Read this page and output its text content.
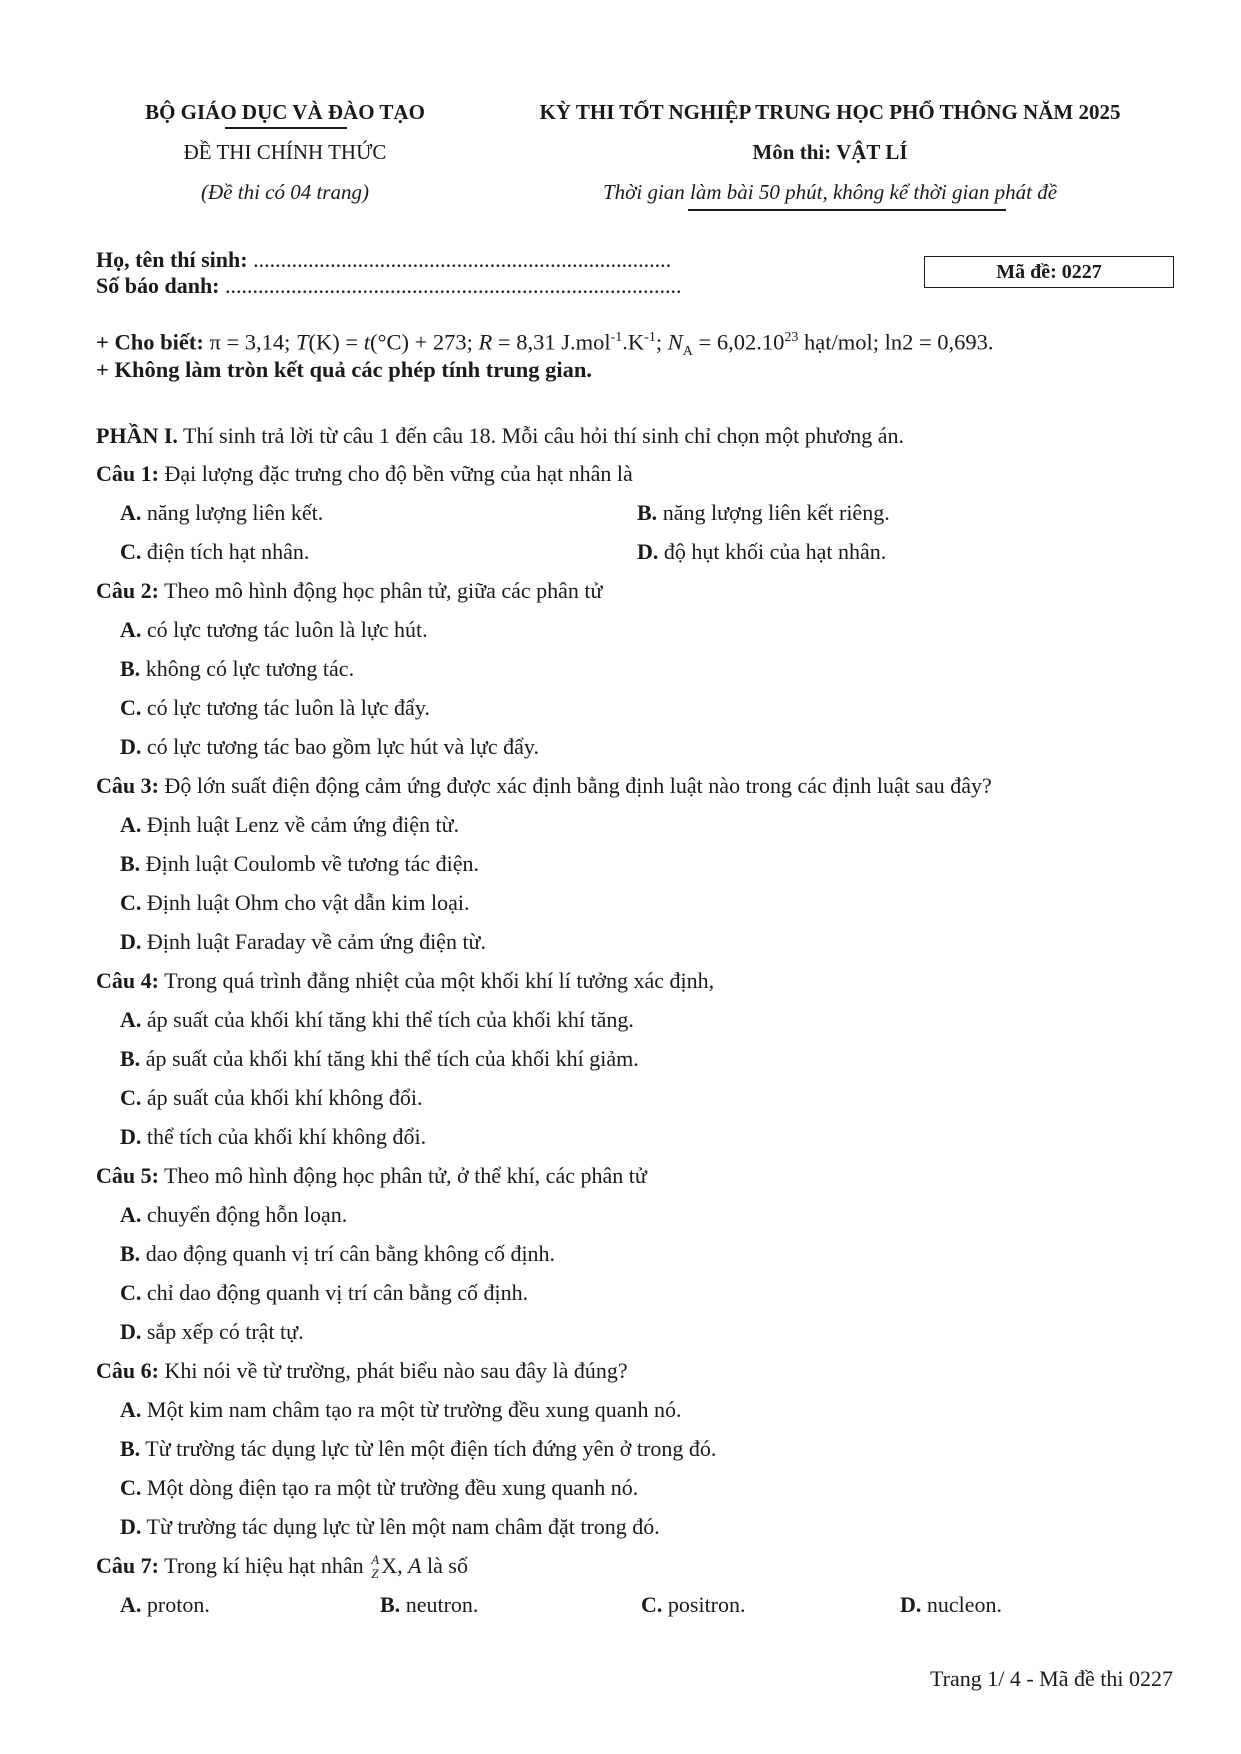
BỘ GIÁO DỤC VÀ ĐÀO TẠO
ĐỀ THI CHÍNH THỨC
(Đề thi có 04 trang)
KỲ THI TỐT NGHIỆP TRUNG HỌC PHỔ THÔNG NĂM 2025
Môn thi: VẬT LÍ
Thời gian làm bài 50 phút, không kể thời gian phát đề
Họ, tên thí sinh: ............................................................................
Số báo danh: ...................................................................................
Mã đề: 0227
+ Cho biết: π = 3,14; T(K) = t(°C) + 273; R = 8,31 $J.mol^{-1}.K^{-1}$; $N_A = 6,02.10^{23}$ hạt/mol; ln2 = 0,693.
+ Không làm tròn kết quả các phép tính trung gian.
PHẦN I. Thí sinh trả lời từ câu 1 đến câu 18. Mỗi câu hỏi thí sinh chỉ chọn một phương án.
Câu 1: Đại lượng đặc trưng cho độ bền vững của hạt nhân là
A. năng lượng liên kết.	B. năng lượng liên kết riêng.
C. điện tích hạt nhân.	D. độ hụt khối của hạt nhân.
Câu 2: Theo mô hình động học phân tử, giữa các phân tử
A. có lực tương tác luôn là lực hút.
B. không có lực tương tác.
C. có lực tương tác luôn là lực đẩy.
D. có lực tương tác bao gồm lực hút và lực đẩy.
Câu 3: Độ lớn suất điện động cảm ứng được xác định bằng định luật nào trong các định luật sau đây?
A. Định luật Lenz về cảm ứng điện từ.
B. Định luật Coulomb về tương tác điện.
C. Định luật Ohm cho vật dẫn kim loại.
D. Định luật Faraday về cảm ứng điện từ.
Câu 4: Trong quá trình đẳng nhiệt của một khối khí lí tưởng xác định,
A. áp suất của khối khí tăng khi thể tích của khối khí tăng.
B. áp suất của khối khí tăng khi thể tích của khối khí giảm.
C. áp suất của khối khí không đổi.
D. thể tích của khối khí không đổi.
Câu 5: Theo mô hình động học phân tử, ở thể khí, các phân tử
A. chuyển động hỗn loạn.
B. dao động quanh vị trí cân bằng không cố định.
C. chỉ dao động quanh vị trí cân bằng cố định.
D. sắp xếp có trật tự.
Câu 6: Khi nói về từ trường, phát biểu nào sau đây là đúng?
A. Một kim nam châm tạo ra một từ trường đều xung quanh nó.
B. Từ trường tác dụng lực từ lên một điện tích đứng yên ở trong đó.
C. Một dòng điện tạo ra một từ trường đều xung quanh nó.
D. Từ trường tác dụng lực từ lên một nam châm đặt trong đó.
Câu 7: Trong kí hiệu hạt nhân A
Z X, A là số
A. proton.	B. neutron.	C. positron.	D. nucleon.
Trang 1/ 4 - Mã đề thi 0227
